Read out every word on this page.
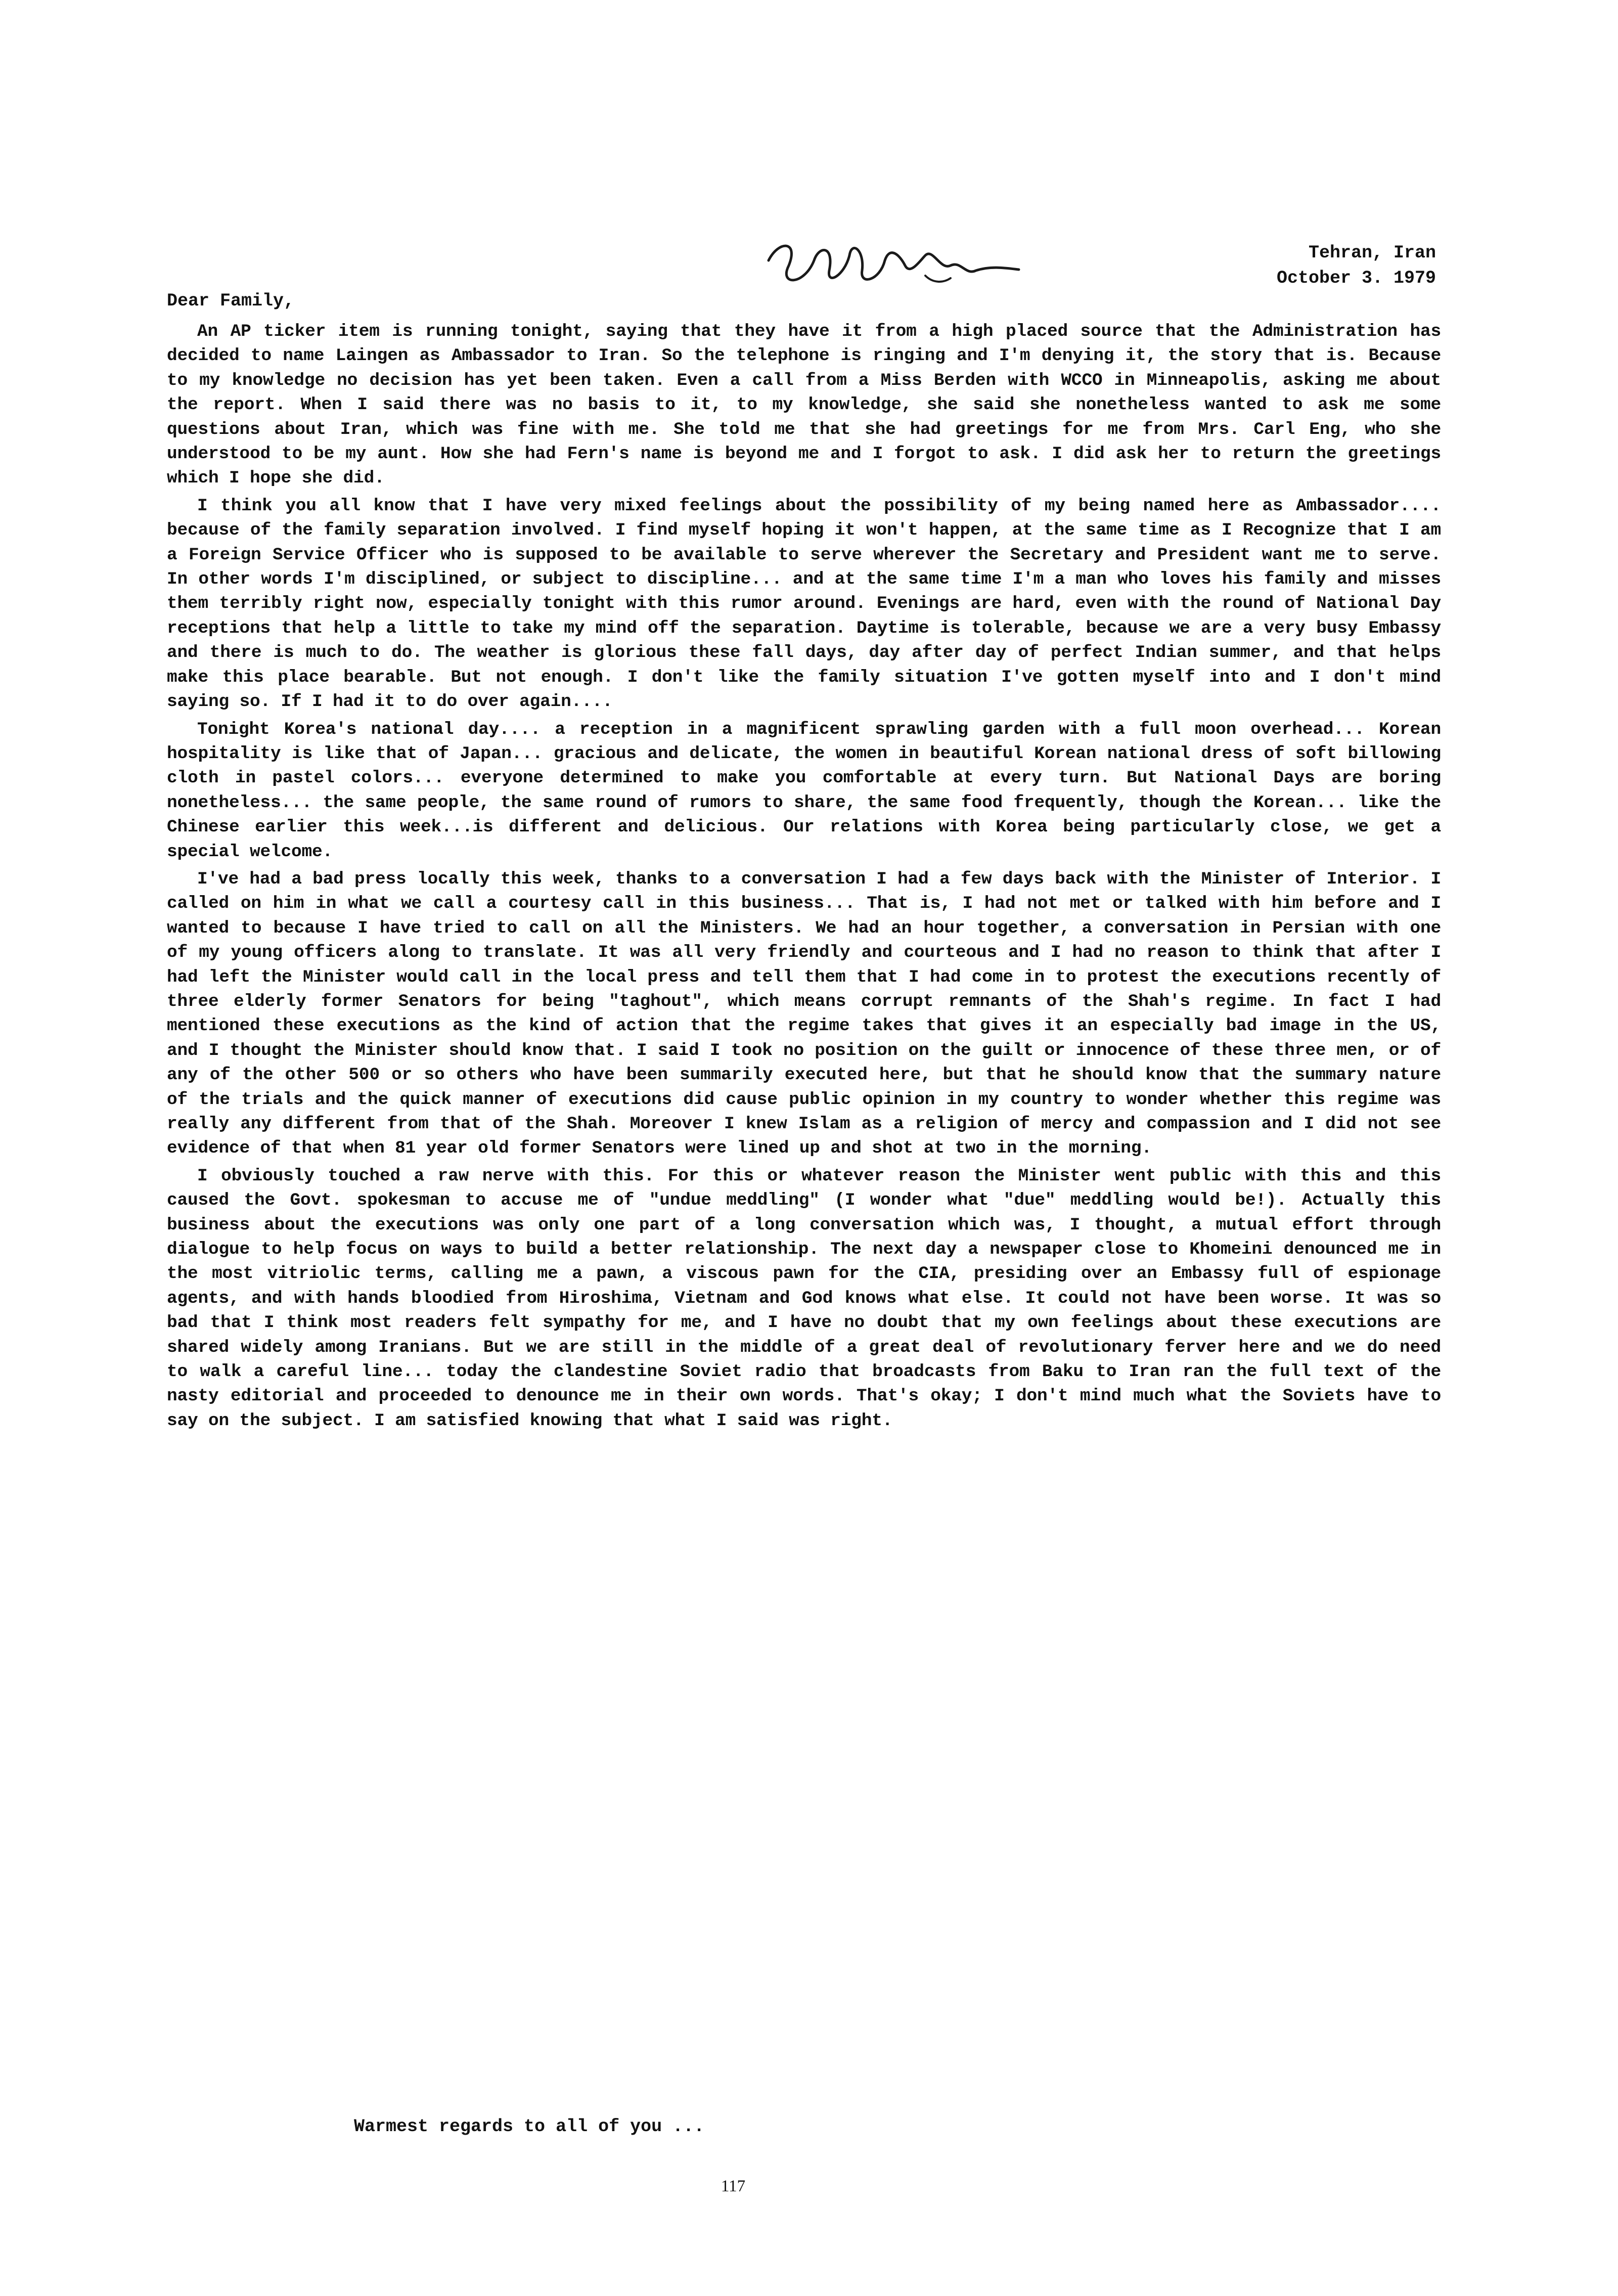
Tehran, Iran
October 3. 1979
Dear Family,

An AP ticker item is running tonight, saying that they have it from a high placed source that the Administration has decided to name Laingen as Ambassador to Iran. So the telephone is ringing and I'm denying it, the story that is. Because to my knowledge no decision has yet been taken. Even a call from a Miss Berden with WCCO in Minneapolis, asking me about the report. When I said there was no basis to it, to my knowledge, she said she nonetheless wanted to ask me some questions about Iran, which was fine with me. She told me that she had greetings for me from Mrs. Carl Eng, who she understood to be my aunt. How she had Fern's name is beyond me and I forgot to ask. I did ask her to return the greetings which I hope she did.

I think you all know that I have very mixed feelings about the possibility of my being named here as Ambassador.... because of the family separation involved. I find myself hoping it won't happen, at the same time as I Recognize that I am a Foreign Service Officer who is supposed to be available to serve wherever the Secretary and President want me to serve. In other words I'm disciplined, or subject to discipline... and at the same time I'm a man who loves his family and misses them terribly right now, especially tonight with this rumor around. Evenings are hard, even with the round of National Day receptions that help a little to take my mind off the separation. Daytime is tolerable, because we are a very busy Embassy and there is much to do. The weather is glorious these fall days, day after day of perfect Indian summer, and that helps make this place bearable. But not enough. I don't like the family situation I've gotten myself into and I don't mind saying so. If I had it to do over again....

Tonight Korea's national day.... a reception in a magnificent sprawling garden with a full moon overhead... Korean hospitality is like that of Japan... gracious and delicate, the women in beautiful Korean national dress of soft billowing cloth in pastel colors... everyone determined to make you comfortable at every turn. But National Days are boring nonetheless... the same people, the same round of rumors to share, the same food frequently, though the Korean... like the Chinese earlier this week...is different and delicious. Our relations with Korea being particularly close, we get a special welcome.

I've had a bad press locally this week, thanks to a conversation I had a few days back with the Minister of Interior. I called on him in what we call a courtesy call in this business... That is, I had not met or talked with him before and I wanted to because I have tried to call on all the Ministers. We had an hour together, a conversation in Persian with one of my young officers along to translate. It was all very friendly and courteous and I had no reason to think that after I had left the Minister would call in the local press and tell them that I had come in to protest the executions recently of three elderly former Senators for being "taghout", which means corrupt remnants of the Shah's regime. In fact I had mentioned these executions as the kind of action that the regime takes that gives it an especially bad image in the US, and I thought the Minister should know that. I said I took no position on the guilt or innocence of these three men, or of any of the other 500 or so others who have been summarily executed here, but that he should know that the summary nature of the trials and the quick manner of executions did cause public opinion in my country to wonder whether this regime was really any different from that of the Shah. Moreover I knew Islam as a religion of mercy and compassion and I did not see evidence of that when 81 year old former Senators were lined up and shot at two in the morning.

I obviously touched a raw nerve with this. For this or whatever reason the Minister went public with this and this caused the Govt. spokesman to accuse me of "undue meddling" (I wonder what "due" meddling would be!). Actually this business about the executions was only one part of a long conversation which was, I thought, a mutual effort through dialogue to help focus on ways to build a better relationship. The next day a newspaper close to Khomeini denounced me in the most vitriolic terms, calling me a pawn, a viscous pawn for the CIA, presiding over an Embassy full of espionage agents, and with hands bloodied from Hiroshima, Vietnam and God knows what else. It could not have been worse. It was so bad that I think most readers felt sympathy for me, and I have no doubt that my own feelings about these executions are shared widely among Iranians. But we are still in the middle of a great deal of revolutionary ferver here and we do need to walk a careful line... today the clandestine Soviet radio that broadcasts from Baku to Iran ran the full text of the nasty editorial and proceeded to denounce me in their own words. That's okay; I don't mind much what the Soviets have to say on the subject. I am satisfied knowing that what I said was right.

Warmest regards to all of you ...
117
